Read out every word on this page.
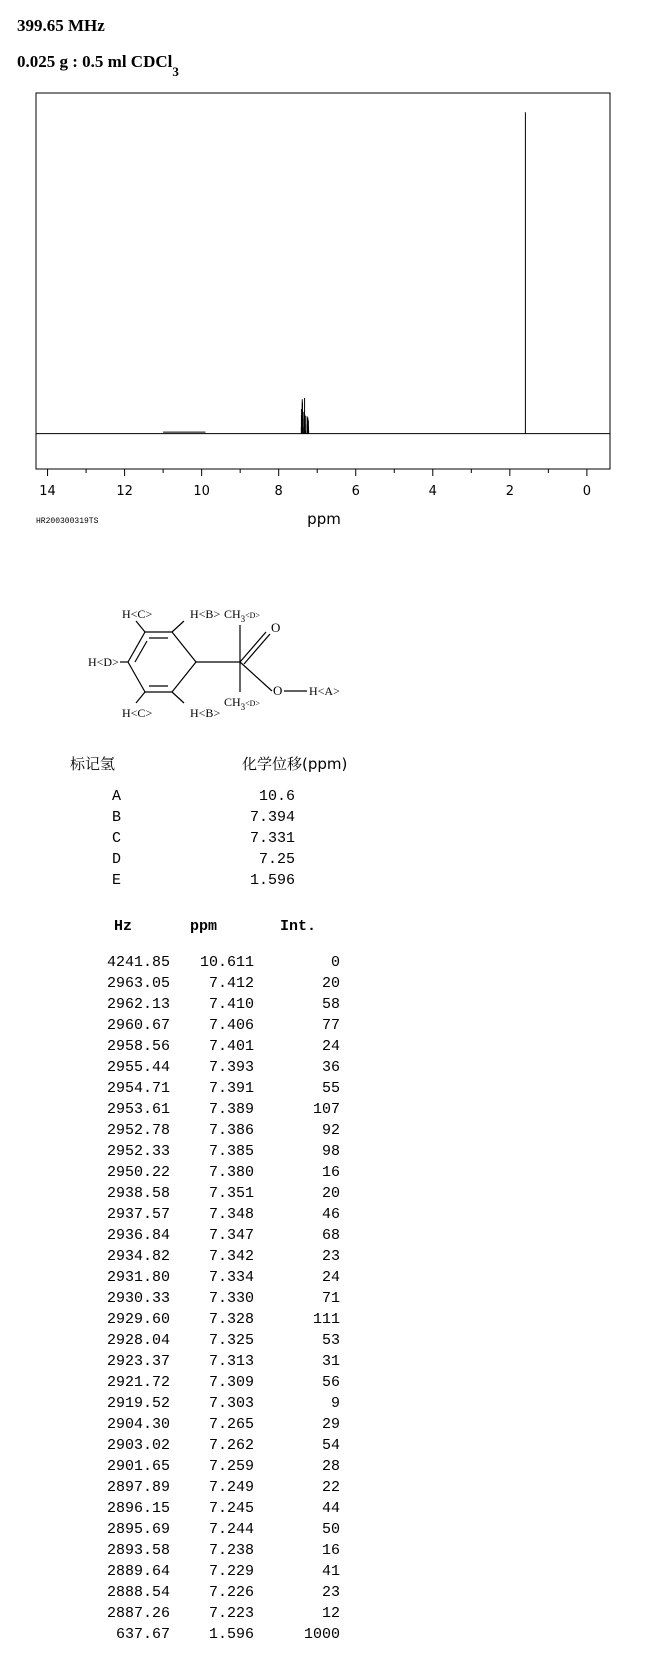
399.65 MHz
0.025 g : 0.5 ml CDCl$_3$
14	12	10	8	6	4	2	0
ppm
HR200300319TS
H<C>	H<B>
H<D>
H<C>	H<B>
$CH_3^{<D>}$
$CH_3^{<D>}$
O
O H<A>
标记氢	化学位移(ppm)
A	10.6
B	7.394
C	7.331
D	7.25
E	1.596
Hz	ppm	Int.
4241.85 10.611	0
2963.05	7.412	20
2962.13	7.410	58
2960.67	7.406	77
2958.56	7.401	24
2955.44	7.393	36
2954.71	7.391	55
2953.61	7.389	107
2952.78	7.386	92
2952.33	7.385	98
2950.22	7.380	16
2938.58	7.351	20
2937.57	7.348	46
2936.84	7.347	68
2934.82	7.342	23
2931.80	7.334	24
2930.33	7.330	71
2929.60	7.328	111
2928.04	7.325	53
2923.37	7.313	31
2921.72	7.309	56
2919.52	7.303	9
2904.30	7.265	29
2903.02	7.262	54
2901.65	7.259	28
2897.89	7.249	22
2896.15	7.245	44
2895.69	7.244	50
2893.58	7.238	16
2889.64	7.229	41
2888.54	7.226	23
2887.26	7.223	12
637.67	1.596	1000
